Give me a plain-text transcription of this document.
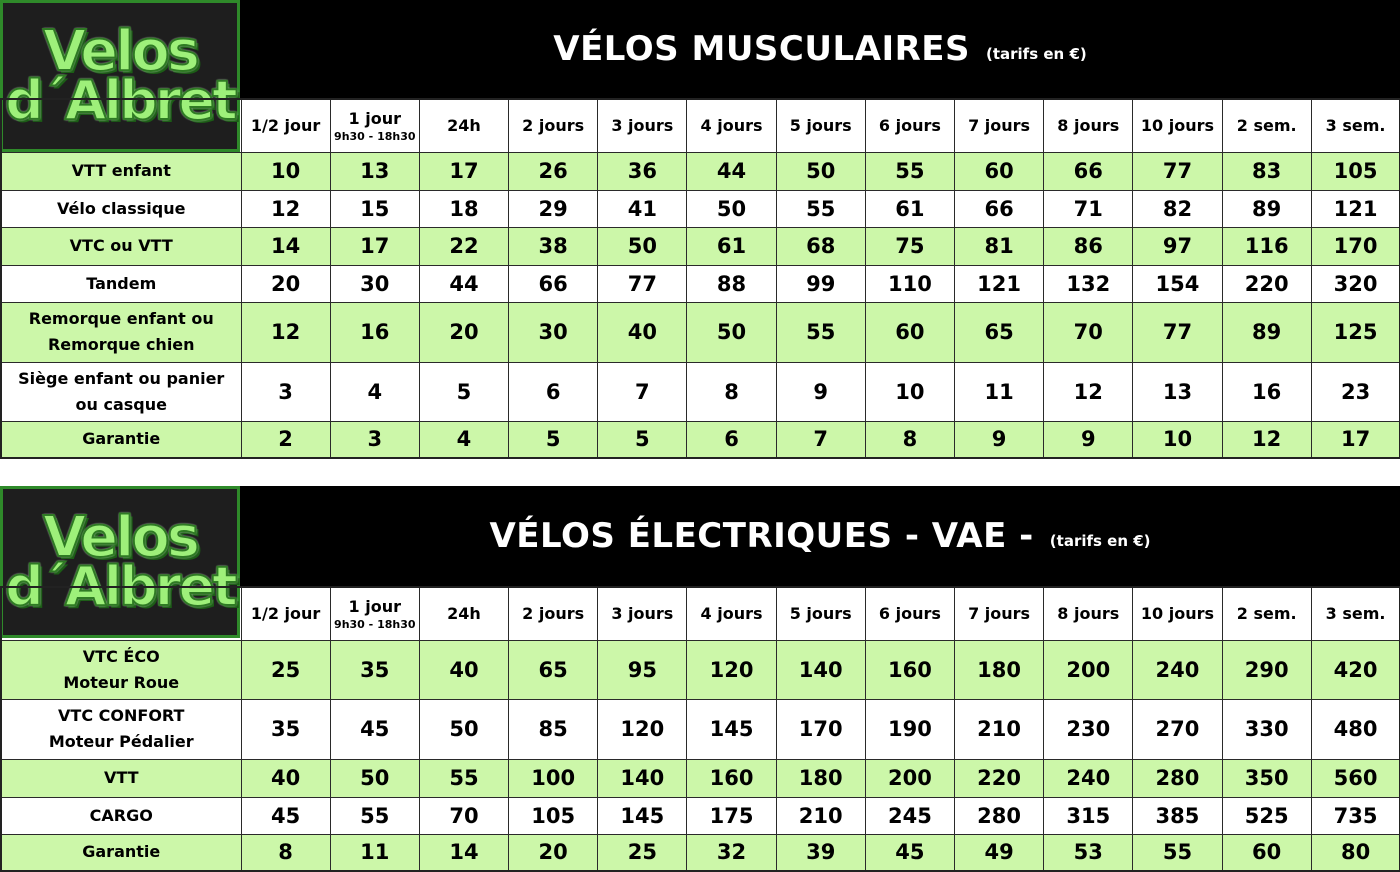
Velos
d´Albret
VÉLOS MUSCULAIRES (tarifs en €)
	1/2 jour	1 jour
9h30 - 18h30	24h	2 jours	3 jours	4 jours	5 jours	6 jours	7 jours	8 jours	10 jours	2 sem.	3 sem.

VTT enfant	10	13	17	26	36	44	50	55	60	66	77	83	105

Vélo classique	12	15	18	29	41	50	55	61	66	71	82	89	121

VTC ou VTT	14	17	22	38	50	61	68	75	81	86	97	116	170

Tandem	20	30	44	66	77	88	99	110	121	132	154	220	320

Remorque enfant ou
Remorque chien	12	16	20	30	40	50	55	60	65	70	77	89	125

Siège enfant ou panier
ou casque	3	4	5	6	7	8	9	10	11	12	13	16	23

Garantie	2	3	4	5	5	6	7	8	9	9	10	12	17
Velos
d´Albret
VÉLOS ÉLECTRIQUES - VAE - (tarifs en €)
	1/2 jour	1 jour
9h30 - 18h30	24h	2 jours	3 jours	4 jours	5 jours	6 jours	7 jours	8 jours	10 jours	2 sem.	3 sem.

VTC ÉCO
Moteur Roue	25	35	40	65	95	120	140	160	180	200	240	290	420

VTC CONFORT
Moteur Pédalier	35	45	50	85	120	145	170	190	210	230	270	330	480

VTT	40	50	55	100	140	160	180	200	220	240	280	350	560

CARGO	45	55	70	105	145	175	210	245	280	315	385	525	735

Garantie	8	11	14	20	25	32	39	45	49	53	55	60	80
